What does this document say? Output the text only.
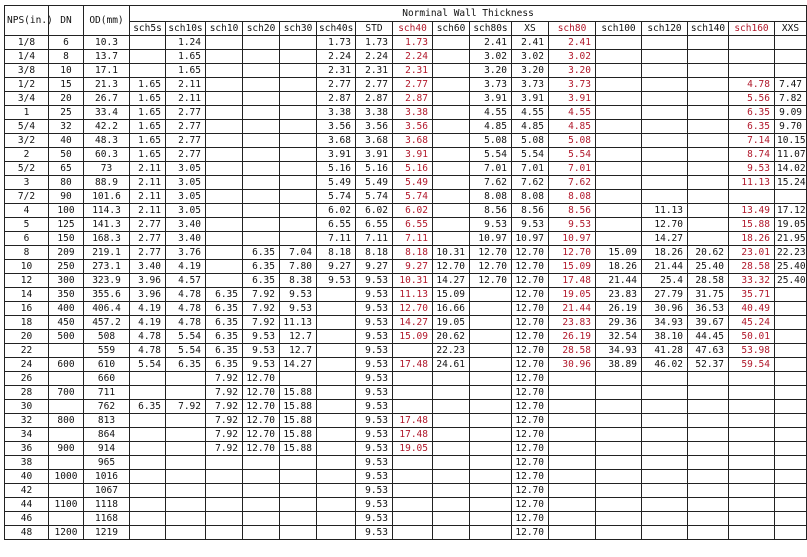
NPS(in.)	DN	OD(mm)	Norminal Wall Thickness																
			sch5s	sch10s	sch10	sch20	sch30	sch40s	STD	sch40	sch60	sch80s	XS	sch80	sch100	sch120	sch140	sch160	XXS
1/8	6	10.3		1.24				1.73	1.73	1.73		2.41	2.41	2.41					
1/4	8	13.7		1.65				2.24	2.24	2.24		3.02	3.02	3.02					
3/8	10	17.1		1.65				2.31	2.31	2.31		3.20	3.20	3.20					
1/2	15	21.3	1.65	2.11				2.77	2.77	2.77		3.73	3.73	3.73				4.78	7.47
3/4	20	26.7	1.65	2.11				2.87	2.87	2.87		3.91	3.91	3.91				5.56	7.82
1	25	33.4	1.65	2.77				3.38	3.38	3.38		4.55	4.55	4.55				6.35	9.09
5/4	32	42.2	1.65	2.77				3.56	3.56	3.56		4.85	4.85	4.85				6.35	9.70
3/2	40	48.3	1.65	2.77				3.68	3.68	3.68		5.08	5.08	5.08				7.14	10.15
2	50	60.3	1.65	2.77				3.91	3.91	3.91		5.54	5.54	5.54				8.74	11.07
5/2	65	73	2.11	3.05				5.16	5.16	5.16		7.01	7.01	7.01				9.53	14.02
3	80	88.9	2.11	3.05				5.49	5.49	5.49		7.62	7.62	7.62				11.13	15.24
7/2	90	101.6	2.11	3.05				5.74	5.74	5.74		8.08	8.08	8.08					
4	100	114.3	2.11	3.05				6.02	6.02	6.02		8.56	8.56	8.56		11.13		13.49	17.12
5	125	141.3	2.77	3.40				6.55	6.55	6.55		9.53	9.53	9.53		12.70		15.88	19.05
6	150	168.3	2.77	3.40				7.11	7.11	7.11		10.97	10.97	10.97		14.27		18.26	21.95
8	209	219.1	2.77	3.76		6.35	7.04	8.18	8.18	8.18	10.31	12.70	12.70	12.70	15.09	18.26	20.62	23.01	22.23
10	250	273.1	3.40	4.19		6.35	7.80	9.27	9.27	9.27	12.70	12.70	12.70	15.09	18.26	21.44	25.40	28.58	25.40
12	300	323.9	3.96	4.57		6.35	8.38	9.53	9.53	10.31	14.27	12.70	12.70	17.48	21.44	25.4	28.58	33.32	25.40
14	350	355.6	3.96	4.78	6.35	7.92	9.53		9.53	11.13	15.09		12.70	19.05	23.83	27.79	31.75	35.71	
16	400	406.4	4.19	4.78	6.35	7.92	9.53		9.53	12.70	16.66		12.70	21.44	26.19	30.96	36.53	40.49	
18	450	457.2	4.19	4.78	6.35	7.92	11.13		9.53	14.27	19.05		12.70	23.83	29.36	34.93	39.67	45.24	
20	500	508	4.78	5.54	6.35	9.53	12.7		9.53	15.09	20.62		12.70	26.19	32.54	38.10	44.45	50.01	
22		559	4.78	5.54	6.35	9.53	12.7		9.53		22.23		12.70	28.58	34.93	41.28	47.63	53.98	
24	600	610	5.54	6.35	6.35	9.53	14.27		9.53	17.48	24.61		12.70	30.96	38.89	46.02	52.37	59.54	
26		660			7.92	12.70			9.53				12.70						
28	700	711			7.92	12.70	15.88		9.53				12.70						
30		762	6.35	7.92	7.92	12.70	15.88		9.53				12.70						
32	800	813			7.92	12.70	15.88		9.53	17.48			12.70						
34		864			7.92	12.70	15.88		9.53	17.48			12.70						
36	900	914			7.92	12.70	15.88		9.53	19.05			12.70						
38		965							9.53				12.70						
40	1000	1016							9.53				12.70						
42		1067							9.53				12.70						
44	1100	1118							9.53				12.70						
46		1168							9.53				12.70						
48	1200	1219							9.53				12.70						
